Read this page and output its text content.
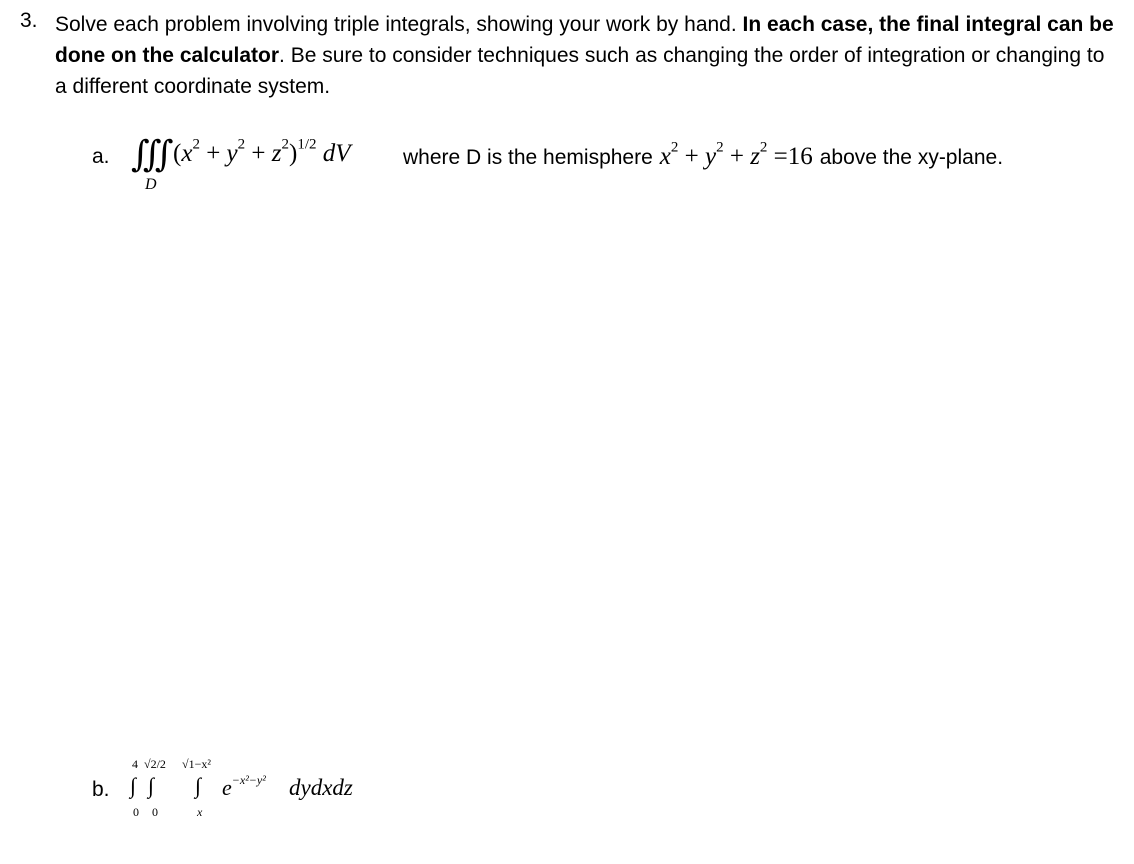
3. Solve each problem involving triple integrals, showing your work by hand. In each case, the final integral can be done on the calculator. Be sure to consider techniques such as changing the order of integration or changing to a different coordinate system.
a. ∭
D
$(x^2 + y^2 + z^2)^{1/2}$ dV where D is the hemisphere $x^2 + y^2 + z^2 =16$ above the xy-plane.
b.
4
∫
0
√2/2
∫
0
√1−x²
∫
x
$e^{-x^2-y^2}$ dydxdz
